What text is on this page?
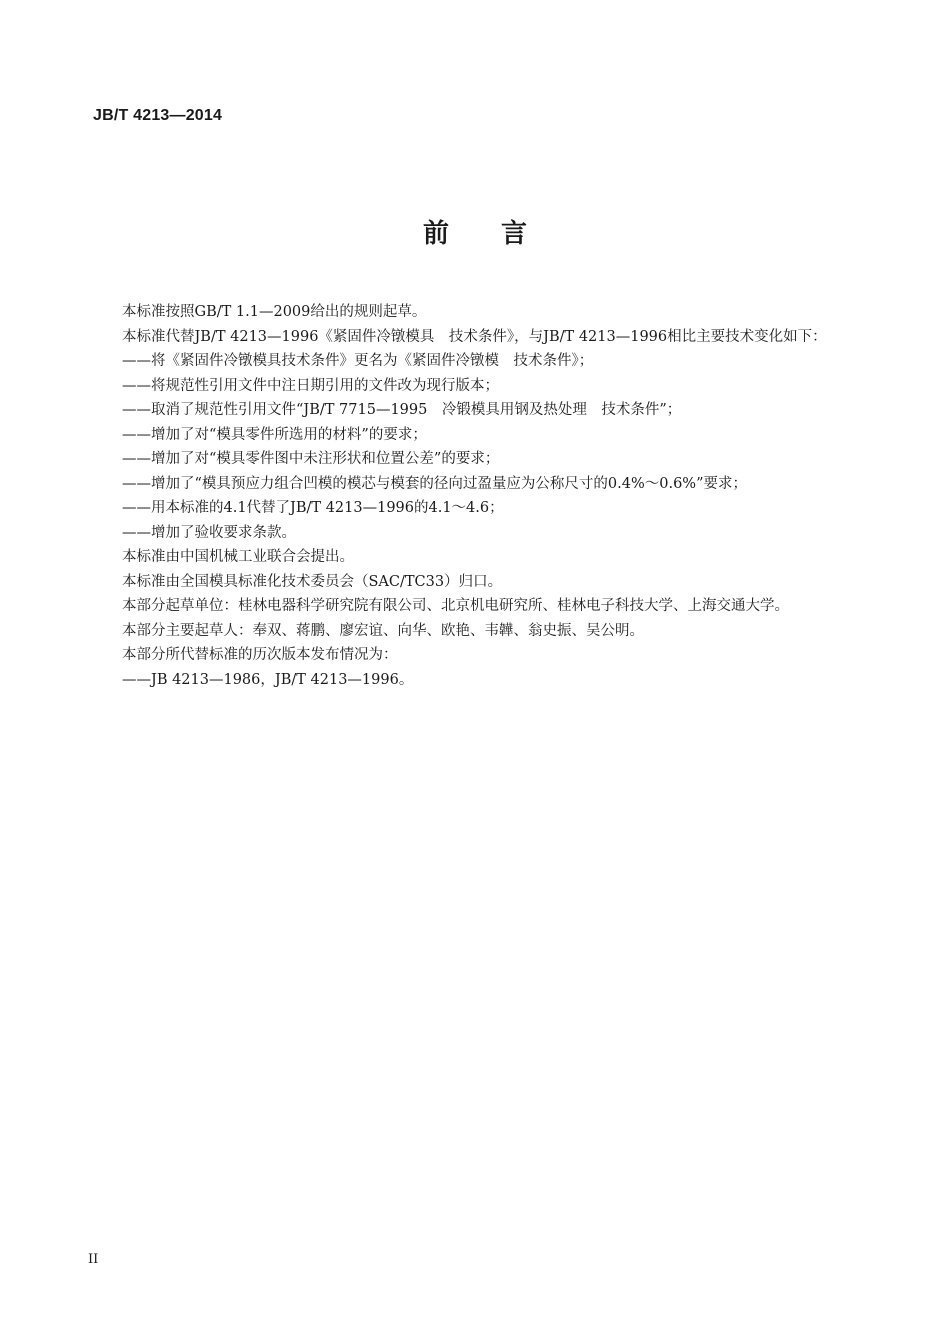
JB/T 4213—2014
前言

本标准按照GB/T 1.1—2009给出的规则起草。

本标准代替JB/T 4213—1996《紧固件冷镦模具　技术条件》，与JB/T 4213—1996相比主要技术变化如下：

——将《紧固件冷镦模具技术条件》更名为《紧固件冷镦模　技术条件》；

——将规范性引用文件中注日期引用的文件改为现行版本；

——取消了规范性引用文件“JB/T 7715—1995　冷锻模具用钢及热处理　技术条件”；

——增加了对“模具零件所选用的材料”的要求；

——增加了对“模具零件图中未注形状和位置公差”的要求；

——增加了“模具预应力组合凹模的模芯与模套的径向过盈量应为公称尺寸的0.4%～0.6%”要求；

——用本标准的4.1代替了JB/T 4213—1996的4.1～4.6；

——增加了验收要求条款。

本标准由中国机械工业联合会提出。

本标准由全国模具标准化技术委员会（SAC/TC33）归口。

本部分起草单位：桂林电器科学研究院有限公司、北京机电研究所、桂林电子科技大学、上海交通大学。

本部分主要起草人：奉双、蒋鹏、廖宏谊、向华、欧艳、韦韡、翁史振、吴公明。

本部分所代替标准的历次版本发布情况为：

——JB 4213—1986，JB/T 4213—1996。

II
